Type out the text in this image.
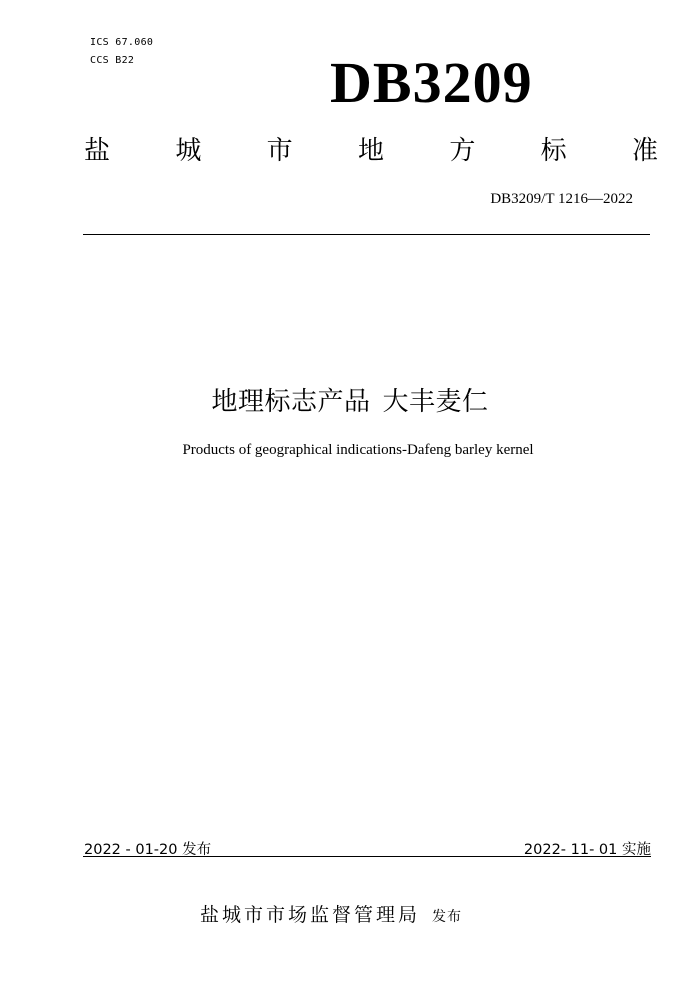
ICS 67.060
CCS B22	DB3209
盐	城	市	地	方	标	准
DB3209/T 1216—2022
地理标志产品 大丰麦仁
Products of geographical indications-Dafeng barley kernel
2022 - 01-20 发布	2022- 11- 01 实施
盐城市市场监督管理局 发布
